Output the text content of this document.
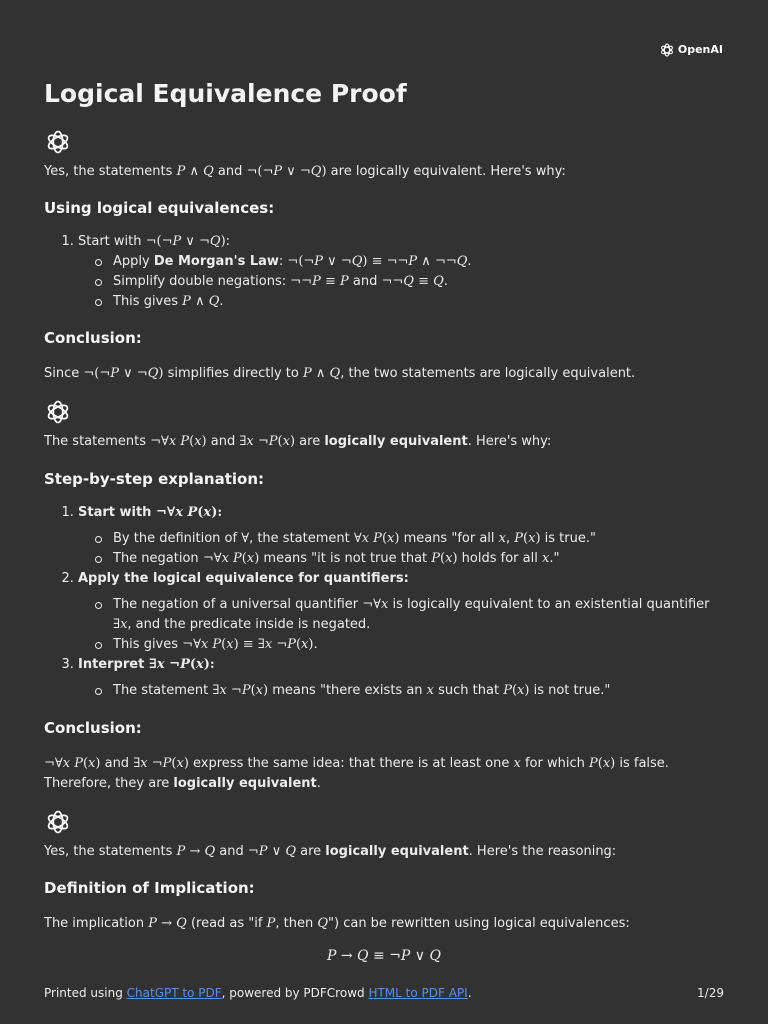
OpenAI
Logical Equivalence Proof

Yes, the statements P ∧ Q and ¬(¬P ∨ ¬Q) are logically equivalent. Here's why:

Using logical equivalences:
1. Start with ¬(¬P ∨ ¬Q):
Apply De Morgan's Law: ¬(¬P ∨ ¬Q) ≡ ¬¬P ∧ ¬¬Q.
Simplify double negations: ¬¬P ≡ P and ¬¬Q ≡ Q.
This gives P ∧ Q.
Conclusion:

Since ¬(¬P ∨ ¬Q) simplifies directly to P ∧ Q, the two statements are logically equivalent.

The statements ¬∀x P(x) and ∃x ¬P(x) are logically equivalent. Here's why:

Step-by-step explanation:
1. Start with ¬∀x P(x):
By the definition of ∀, the statement ∀x P(x) means "for all x, P(x) is true."
The negation ¬∀x P(x) means "it is not true that P(x) holds for all x."
2. Apply the logical equivalence for quantifiers:
The negation of a universal quantifier ¬∀x is logically equivalent to an existential quantifier ∃x, and the predicate inside is negated.
This gives ¬∀x P(x) ≡ ∃x ¬P(x).
3. Interpret ∃x ¬P(x):
The statement ∃x ¬P(x) means "there exists an x such that P(x) is not true."
Conclusion:

¬∀x P(x) and ∃x ¬P(x) express the same idea: that there is at least one x for which P(x) is false.
Therefore, they are logically equivalent.

Yes, the statements P → Q and ¬P ∨ Q are logically equivalent. Here's the reasoning:

Definition of Implication:

The implication P → Q (read as "if P, then Q") can be rewritten using logical equivalences:

P → Q ≡ ¬P ∨ Q

Printed using ChatGPT to PDF, powered by PDFCrowd HTML to PDF API.	1/29
